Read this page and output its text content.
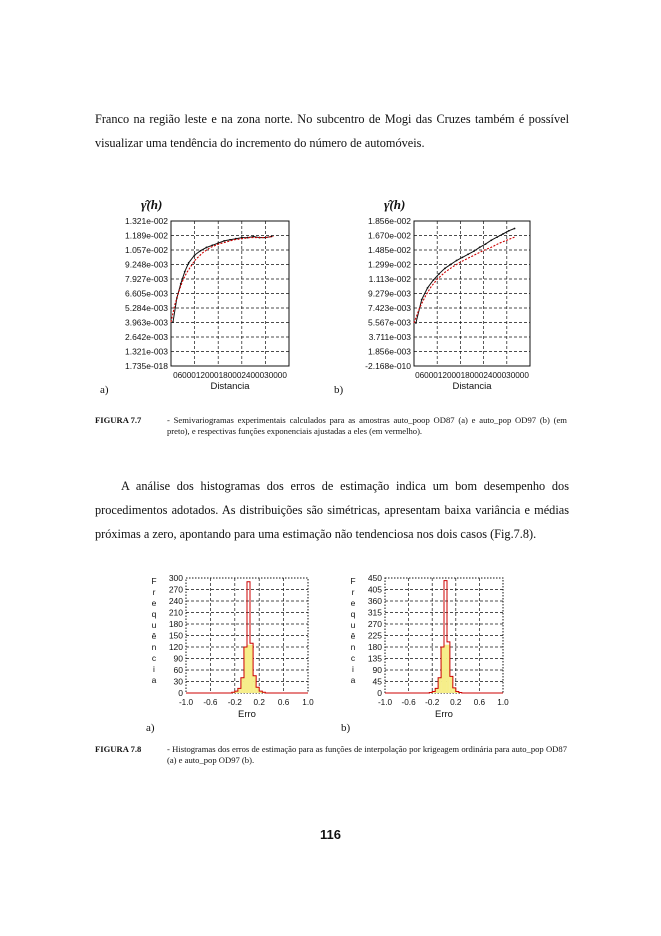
Franco na região leste e na zona norte. No subcentro de Mogi das Cruzes também é possível visualizar uma tendência do incremento do número de automóveis.
γ̂(h)
1.321e-002
1.189e-002
1.057e-002
9.248e-003
7.927e-003
6.605e-003
5.284e-003
3.963e-003
2.642e-003
1.321e-003
1.735e-018
0600012000180002400030000
Distancia
a)
γ̂(h)
1.856e-002
1.670e-002
1.485e-002
1.299e-002
1.113e-002
9.279e-003
7.423e-003
5.567e-003
3.711e-003
1.856e-003
-2.168e-010
0600012000180002400030000
Distancia
b)
FIGURA 7.7	- Semivariogramas experimentais calculados para as amostras auto_poop OD87 (a) e auto_pop OD97 (b) (em preto), e respectivas funções exponenciais ajustadas a eles (em vermelho).
A análise dos histogramas dos erros de estimação indica um bom desempenho dos procedimentos adotados. As distribuições são simétricas, apresentam baixa variância e médias próximas a zero, apontando para uma estimação não tendenciosa nos dois casos (Fig.7.8).
300
270
240
210
180
150
120
90
60
30
0
-1.0 -0.6 -0.2 0.2 0.6 1.0
F
r
e
q
u
ê
n
c
i
a
Erro
a)
450
405
360
315
270
225
180
135
90
45
0
-1.0 -0.6 -0.2 0.2 0.6 1.0
F
r
e
q
u
ê
n
c
i
a
Erro
b)
FIGURA 7.8	- Histogramas dos erros de estimação para as funções de interpolação por krigeagem ordinária para auto_pop OD87 (a) e auto_pop OD97 (b).
116
